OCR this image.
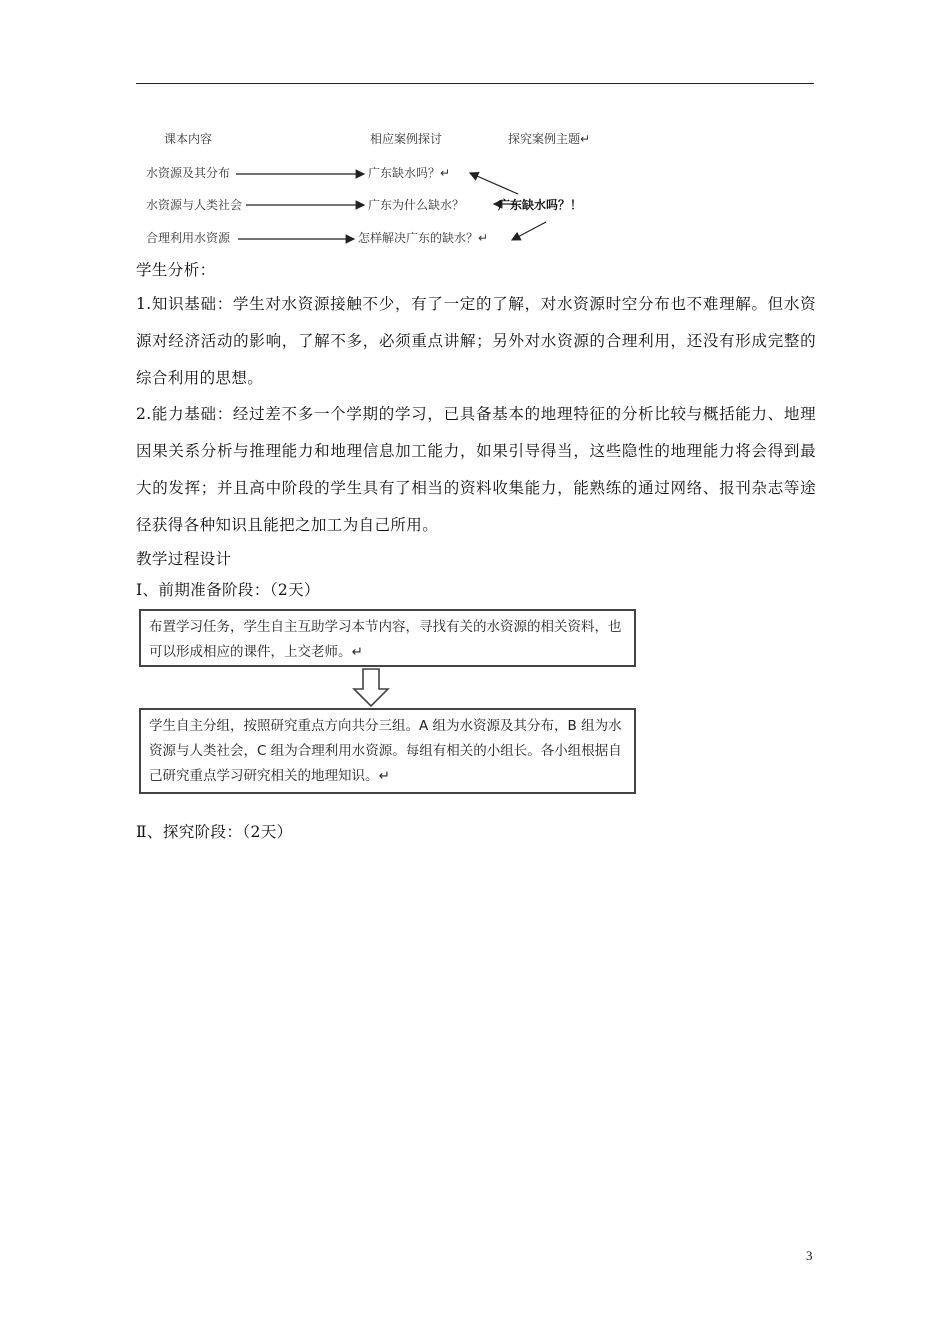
课本内容	相应案例探讨	探究案例主题↵
水资源及其分布	广东缺水吗？↵
水资源与人类社会	广东为什么缺水？	广东缺水吗？！
合理利用水资源	怎样解决广东的缺水？↵
学生分析：
1.知识基础：学生对水资源接触不少，有了一定的了解，对水资源时空分布也不难理解。但水资源对经济活动的影响，了解不多，必须重点讲解；另外对水资源的合理利用，还没有形成完整的综合利用的思想。
2.能力基础：经过差不多一个学期的学习，已具备基本的地理特征的分析比较与概括能力、地理因果关系分析与推理能力和地理信息加工能力，如果引导得当，这些隐性的地理能力将会得到最大的发挥；并且高中阶段的学生具有了相当的资料收集能力，能熟练的通过网络、报刊杂志等途径获得各种知识且能把之加工为自己所用。
教学过程设计
Ⅰ、前期准备阶段：（2天）
布置学习任务，学生自主互助学习本节内容，寻找有关的水资源的相关资料，也可以形成相应的课件，上交老师。↵
学生自主分组，按照研究重点方向共分三组。A 组为水资源及其分布，B 组为水资源与人类社会，C 组为合理利用水资源。每组有相关的小组长。各小组根据自己研究重点学习研究相关的地理知识。↵
Ⅱ、探究阶段：（2天）
3
